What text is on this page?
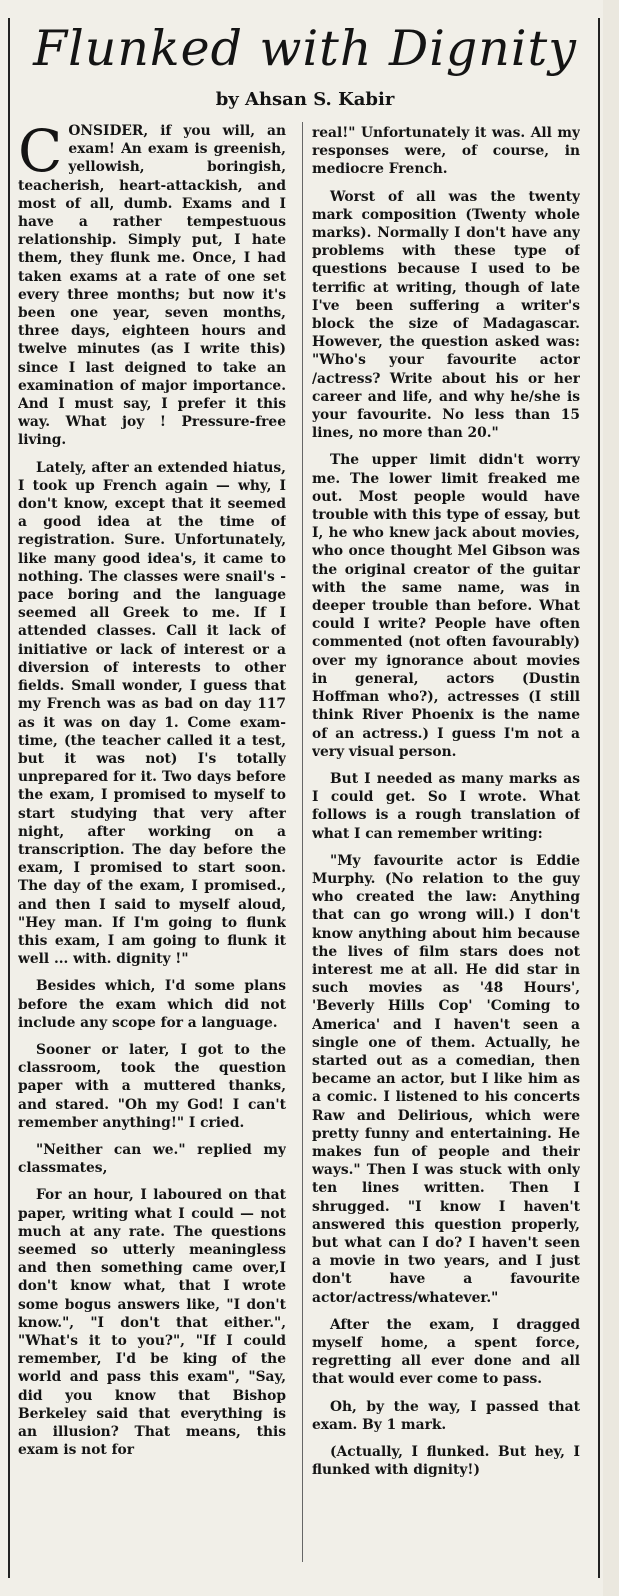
Flunked with Dignity
by Ahsan S. Kabir
C ONSIDER, if you will, an exam! An exam is greenish, yellowish, boringish, teacherish, heart-attackish, and most of all, dumb. Exams and I have a rather tempestuous relationship. Simply put, I hate them, they flunk me. Once, I had taken exams at a rate of one set every three months; but now it's been one year, seven months, three days, eighteen hours and twelve minutes (as I write this) since I last deigned to take an examination of major importance. And I must say, I prefer it this way. What joy ! Pressure-free living.

Lately, after an extended hiatus, I took up French again — why, I don't know, except that it seemed a good idea at the time of registration. Sure. Unfortunately, like many good idea's, it came to nothing. The classes were snail's - pace boring and the language seemed all Greek to me. If I attended classes. Call it lack of initiative or lack of interest or a diversion of interests to other fields. Small wonder, I guess that my French was as bad on day 117 as it was on day 1. Come exam-time, (the teacher called it a test, but it was not) I's totally unprepared for it. Two days before the exam, I promised to myself to start studying that very after night, after working on a transcription. The day before the exam, I promised to start soon. The day of the exam, I promised., and then I said to myself aloud, "Hey man. If I'm going to flunk this exam, I am going to flunk it well ... with. dignity !"

Besides which, I'd some plans before the exam which did not include any scope for a language.

Sooner or later, I got to the classroom, took the question paper with a muttered thanks, and stared. "Oh my God! I can't remember anything!" I cried.

"Neither can we." replied my classmates,

For an hour, I laboured on that paper, writing what I could — not much at any rate. The questions seemed so utterly meaningless and then something came over,I don't know what, that I wrote some bogus answers like, "I don't know.", "I don't that either.", "What's it to you?", "If I could remember, I'd be king of the world and pass this exam", "Say, did you know that Bishop Berkeley said that everything is an illusion? That means, this exam is not for

real!" Unfortunately it was. All my responses were, of course, in mediocre French.

Worst of all was the twenty mark composition (Twenty whole marks). Normally I don't have any problems with these type of questions because I used to be terrific at writing, though of late I've been suffering a writer's block the size of Madagascar. However, the question asked was: "Who's your favourite actor /actress? Write about his or her career and life, and why he/she is your favourite. No less than 15 lines, no more than 20."

The upper limit didn't worry me. The lower limit freaked me out. Most people would have trouble with this type of essay, but I, he who knew jack about movies, who once thought Mel Gibson was the original creator of the guitar with the same name, was in deeper trouble than before. What could I write? People have often commented (not often favourably) over my ignorance about movies in general, actors (Dustin Hoffman who?), actresses (I still think River Phoenix is the name of an actress.) I guess I'm not a very visual person.

But I needed as many marks as I could get. So I wrote. What follows is a rough translation of what I can remember writing:

"My favourite actor is Eddie Murphy. (No relation to the guy who created the law: Anything that can go wrong will.) I don't know anything about him because the lives of film stars does not interest me at all. He did star in such movies as '48 Hours', 'Beverly Hills Cop' 'Coming to America' and I haven't seen a single one of them. Actually, he started out as a comedian, then became an actor, but I like him as a comic. I listened to his concerts Raw and Delirious, which were pretty funny and entertaining. He makes fun of people and their ways." Then I was stuck with only ten lines written. Then I shrugged. "I know I haven't answered this question properly, but what can I do? I haven't seen a movie in two years, and I just don't have a favourite actor/actress/whatever."

After the exam, I dragged myself home, a spent force, regretting all ever done and all that would ever come to pass.

Oh, by the way, I passed that exam. By 1 mark.

(Actually, I flunked. But hey, I flunked with dignity!)
